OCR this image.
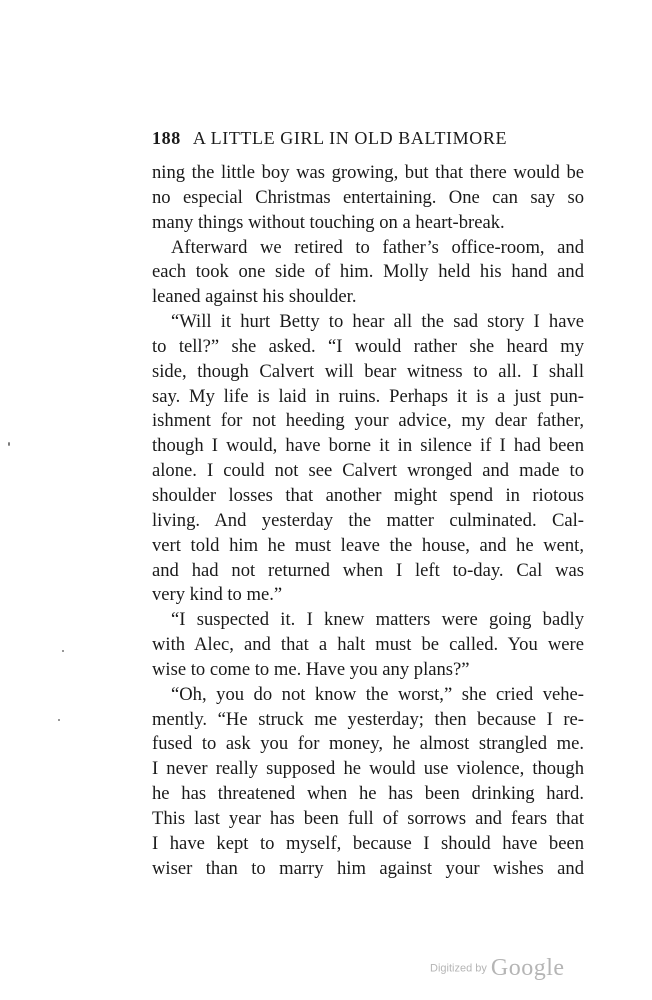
188 A LITTLE GIRL IN OLD BALTIMORE
ning the little boy was growing, but that there would be
no especial Christmas entertaining. One can say so
many things without touching on a heart-break.
Afterward we retired to father’s office-room, and
each took one side of him. Molly held his hand and
leaned against his shoulder.
“Will it hurt Betty to hear all the sad story I have
to tell?” she asked. “I would rather she heard my
side, though Calvert will bear witness to all. I shall
say. My life is laid in ruins. Perhaps it is a just pun-
ishment for not heeding your advice, my dear father,
though I would, have borne it in silence if I had been
alone. I could not see Calvert wronged and made to
shoulder losses that another might spend in riotous
living. And yesterday the matter culminated. Cal-
vert told him he must leave the house, and he went,
and had not returned when I left to-day. Cal was
very kind to me.”
“I suspected it. I knew matters were going badly
with Alec, and that a halt must be called. You were
wise to come to me. Have you any plans?”
“Oh, you do not know the worst,” she cried vehe-
mently. “He struck me yesterday; then because I re-
fused to ask you for money, he almost strangled me.
I never really supposed he would use violence, though
he has threatened when he has been drinking hard.
This last year has been full of sorrows and fears that
I have kept to myself, because I should have been
wiser than to marry him against your wishes and
Digitized by Google
